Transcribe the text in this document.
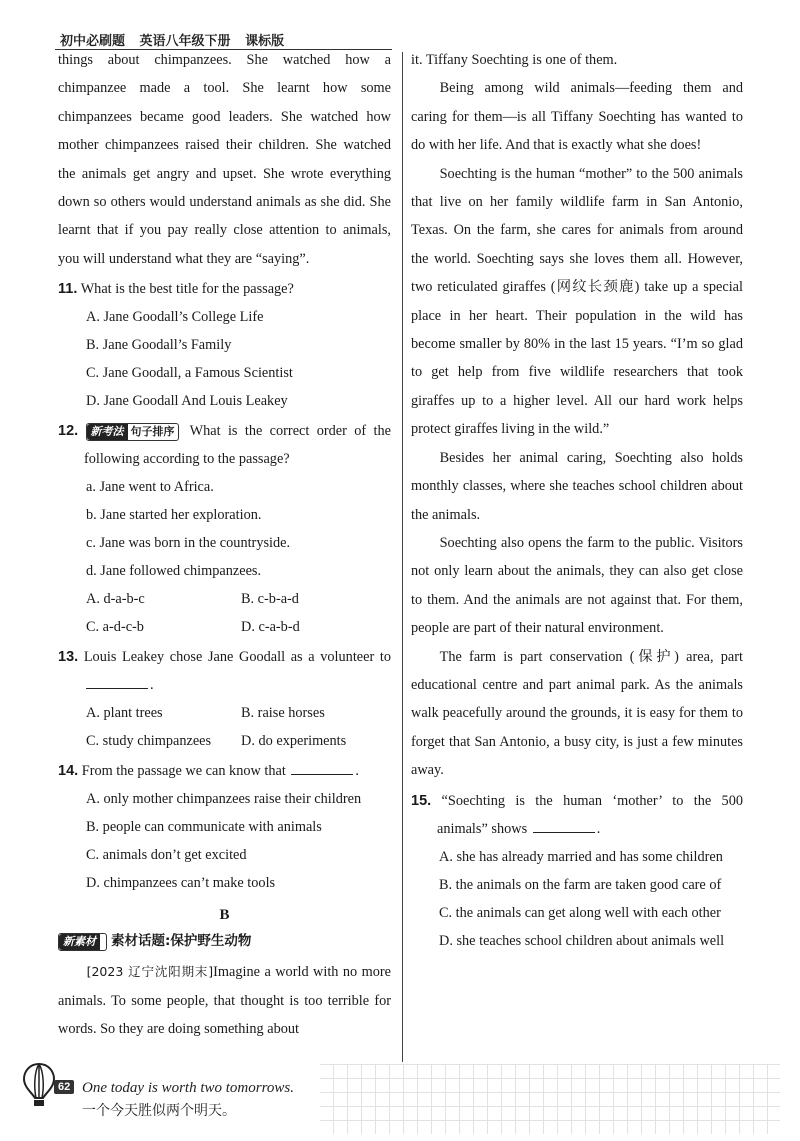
初中必刷题 英语八年级下册 课标版

things about chimpanzees. She watched how a chimpanzee made a tool. She learnt how some chimpanzees became good leaders. She watched how mother chimpanzees raised their children. She watched the animals get angry and upset. She wrote everything down so others would understand animals as she did. She learnt that if you pay really close attention to animals, you will understand what they are “saying”.

11. What is the best title for the passage?

A. Jane Goodall’s College Life

B. Jane Goodall’s Family

C. Jane Goodall, a Famous Scientist

D. Jane Goodall And Louis Leakey

12. 新考法 句子排序 What is the correct order of the following according to the passage?

a. Jane went to Africa.

b. Jane started her exploration.

c. Jane was born in the countryside.

d. Jane followed chimpanzees.

A. d-a-b-c	B. c-b-a-d
C. a-d-c-b	D. c-a-b-d

13. Louis Leakey chose Jane Goodall as a volunteer to .

A. plant trees	B. raise horses
C. study chimpanzees	D. do experiments

14. From the passage we can know that	.

A. only mother chimpanzees raise their children

B. people can communicate with animals

C. animals don’t get excited

D. chimpanzees can’t make tools

B

新素材 素材话题:保护野生动物

[2023 辽宁沈阳期末]Imagine a world with no more animals. To some people, that thought is too terrible for words. So they are doing something about

it. Tiffany Soechting is one of them.

Being among wild animals—feeding them and caring for them—is all Tiffany Soechting has wanted to do with her life. And that is exactly what she does!

Soechting is the human “mother” to the 500 animals that live on her family wildlife farm in San Antonio, Texas. On the farm, she cares for animals from around the world. Soechting says she loves them all. However, two reticulated giraffes (网纹长颈鹿) take up a special place in her heart. Their population in the wild has become smaller by 80% in the last 15 years. “I’m so glad to get help from five wildlife researchers that took giraffes up to a higher level. All our hard work helps protect giraffes living in the wild.”

Besides her animal caring, Soechting also holds monthly classes, where she teaches school children about the animals.

Soechting also opens the farm to the public. Visitors not only learn about the animals, they can also get close to them. And the animals are not against that. For them, people are part of their natural environment.

The farm is part conservation (保护) area, part educational centre and part animal park. As the animals walk peacefully around the grounds, it is easy for them to forget that San Antonio, a busy city, is just a few minutes away.

15. “Soechting is the human ‘mother’ to the 500 animals” shows	.

A. she has already married and has some children

B. the animals on the farm are taken good care of

C. the animals can get along well with each other

D. she teaches school children about animals well

62 One today is worth two tomorrows.
一个今天胜似两个明天。
